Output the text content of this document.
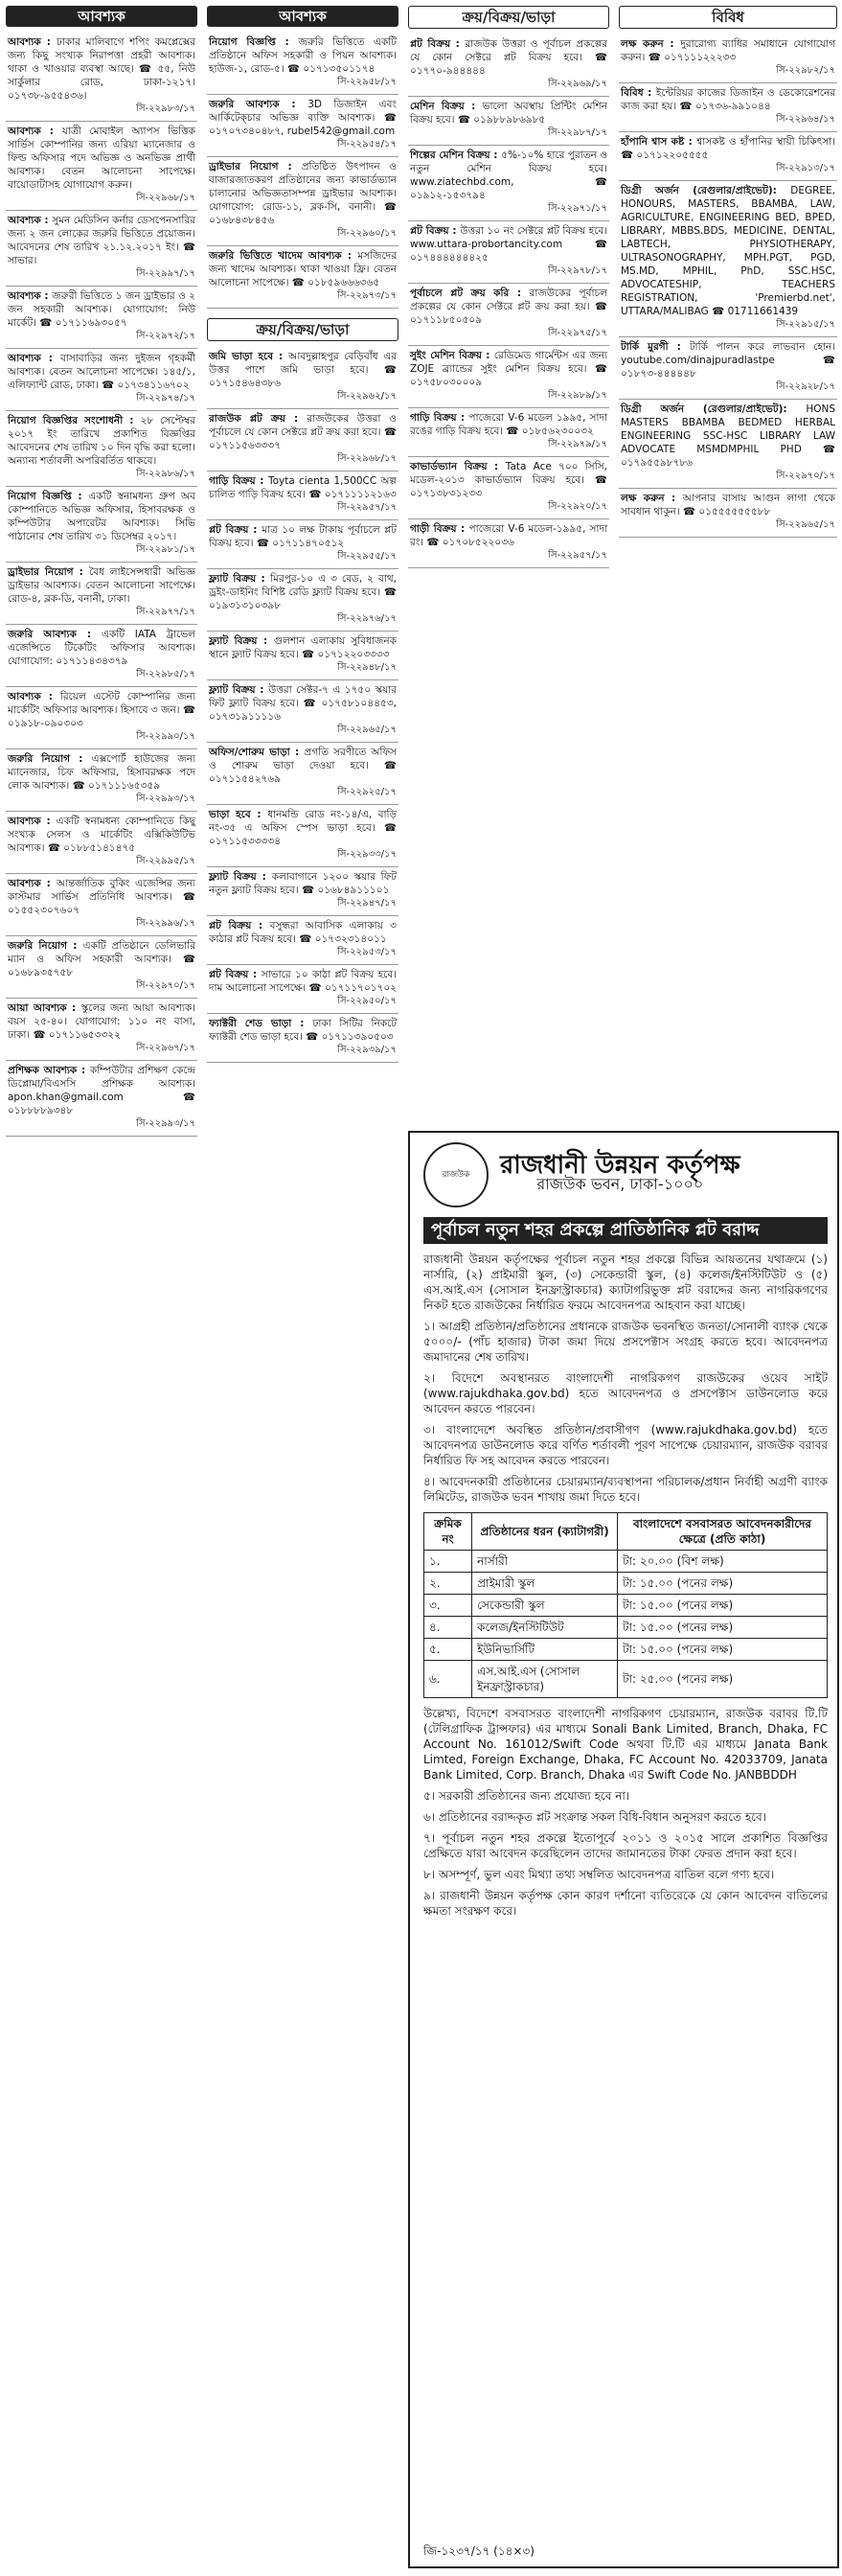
আবশ্যক
আবশ্যক : ঢাকার মালিবাগে শপিং কমপ্লেক্সের জন্য কিছু সংখ্যক নিরাপত্তা প্রহরী আবশ্যক। থাকা ও খাওয়ার ব্যবস্থা আছে। ☎ ৫৫, নিউ সার্কুলার রোড, ঢাকা-১২১৭। ০১৭৩৮-৯৫৫৪৩৬।
সি-২২৯৮৩/১৭
আবশ্যক : যাত্রী মোবাইল অ্যাপস ভিত্তিক সার্ভিস কোম্পানির জন্য এরিয়া ম্যানেজার ও ফিল্ড অফিসার পদে অভিজ্ঞ ও অনভিজ্ঞ প্রার্থী আবশ্যক। বেতন আলোচনা সাপেক্ষে। বায়োডাটাসহ যোগাযোগ করুন।
সি-২২৯৬৮/১৭
আবশ্যক : সুমন মেডিসিন কর্নার ডেসপেনসারির জন্য ২ জন লোকের জরুরি ভিত্তিতে প্রয়োজন। আবেদনের শেষ তারিখ ২১.১২.২০১৭ ইং। ☎ সাভার।
সি-২২৯৯৭/১৭
আবশ্যক : জরুরী ভিত্তিতে ১ জন ড্রাইভার ও ২ জন সহকারী আবশ্যক। যোগাযোগ: নিউ মার্কেট। ☎ ০১৭১১৬৯৩০৫৭
সি-২২৯৭২/১৭
আবশ্যক : বাসাবাড়ির জন্য দুইজন গৃহকর্মী আবশ্যক। বেতন আলোচনা সাপেক্ষে। ১৪৫/১, এলিফ্যান্ট রোড, ঢাকা। ☎ ০১৭৩৪১১৬৭০২
সি-২২৯৭৪/১৭
নিয়োগ বিজ্ঞপ্তির সংশোধনী : ২৮ সেপ্টেম্বর ২০১৭ ইং তারিখে প্রকাশিত বিজ্ঞপ্তির আবেদনের শেষ তারিখ ১০ দিন বৃদ্ধি করা হলো। অন্যান্য শর্তাবলী অপরিবর্তিত থাকবে।
সি-২২৯৮৬/১৭
নিয়োগ বিজ্ঞপ্তি : একটি স্বনামধন্য গ্রুপ অব কোম্পানিতে অভিজ্ঞ অফিসার, হিসাবরক্ষক ও কম্পিউটার অপারেটর আবশ্যক। সিভি পাঠানোর শেষ তারিখ ৩১ ডিসেম্বর ২০১৭।
সি-২২৯৮১/১৭
ড্রাইভার নিয়োগ : বৈধ লাইসেন্সধারী অভিজ্ঞ ড্রাইভার আবশ্যক। বেতন আলোচনা সাপেক্ষে। রোড-৪, ব্লক-ডি, বনানী, ঢাকা।
সি-২২৯৭৭/১৭
জরুরি আবশ্যক : একটি IATA ট্রাভেল এজেন্সিতে টিকেটিং অফিসার আবশ্যক। যোগাযোগ: ০১৭১১৪৩৪৩৭৯
সি-২২৯৮৫/১৭
আবশ্যক : রিয়েল এস্টেট কোম্পানির জন্য মার্কেটিং অফিসার আবশ্যক। হিসাবে ৩ জন। ☎ ০১৯১৮-০৯০৩০৩
সি-২২৯৯০/১৭
জরুরি নিয়োগ : এক্সপোর্ট হাউজের জন্য ম্যানেজার, চিফ অফিসার, হিসাবরক্ষক পদে লোক আবশ্যক। ☎ ০১৭১১১৬৫৩৫৯
সি-২২৯৯৩/১৭
আবশ্যক : একটি স্বনামধন্য কোম্পানিতে কিছু সংখ্যক সেলস ও মার্কেটিং এক্সিকিউটিভ আবশ্যক। ☎ ০১৮৮৫১৪১৪৭৫
সি-২২৯৯৫/১৭
আবশ্যক : আন্তর্জাতিক বুকিং এজেন্সির জন্য কাস্টমার সার্ভিস প্রতিনিধি আবশ্যক। ☎ ০১৫৫২৩০৭৬০৭
সি-২২৯৯৬/১৭
জরুরি নিয়োগ : একটি প্রতিষ্ঠানে ডেলিভারি ম্যান ও অফিস সহকারী আবশ্যক। ☎ ০১৬৮৯৩৫৭৫৮
সি-২২৯৭০/১৭
আয়া আবশ্যক : স্কুলের জন্য আয়া আবশ্যক। বয়স ২৫-৪০। যোগাযোগ: ১১০ নং বাসা, ঢাকা। ☎ ০১৭১১৬৫৩৩২২
সি-২২৯৬৭/১৭
প্রশিক্ষক আবশ্যক : কম্পিউটার প্রশিক্ষণ কেন্দ্রে ডিপ্লোমা/বিএসসি প্রশিক্ষক আবশ্যক। apon.khan@gmail.com ☎ ০১৮৮৮৮৯৩৪৮
সি-২২৯৯৩/১৭
আবশ্যক
নিয়োগ বিজ্ঞপ্তি : জরুরি ভিত্তিতে একটি প্রতিষ্ঠানে অফিস সহকারী ও পিয়ন আবশ্যক। হাউজ-১, রোড-৫। ☎ ০১৭১৩৫০১১৭৪
সি-২২৯৫৮/১৭
জরুরি আবশ্যক : 3D ডিজাইন এবং আর্কিটেক্চার অভিজ্ঞ ব্যক্তি আবশ্যক। ☎ ০১৭০৭৩৪০৪৮৭, rubel542@gmail.com
সি-২২৯৫৪/১৭
ড্রাইভার নিয়োগ : প্রতিষ্ঠিত উৎপাদন ও বাজারজাতকরণ প্রতিষ্ঠানের জন্য কাভার্ডভ্যান চালানোর অভিজ্ঞতাসম্পন্ন ড্রাইভার আবশ্যক। যোগাযোগ: রোড-১১, ব্লক-সি, বনানী। ☎ ০১৬৮৪৩৮৪৫৬
সি-২২৯৬০/১৭
জরুরি ভিত্তিতে খাদেম আবশ্যক : মসজিদের জন্য খাদেম আবশ্যক। থাকা খাওয়া ফ্রি। বেতন আলোচনা সাপেক্ষে। ☎ ০১৮৫৯৬৬৬৩৬৫
সি-২২৯৭৩/১৭
ক্রয়/বিক্রয়/ভাড়া
জমি ভাড়া হবে : আবদুল্লাহপুর বেড়িবাঁধ এর উত্তর পাশে জমি ভাড়া হবে। ☎ ০১৭১৫৪৬৪৩৮৬
সি-২২৯৬২/১৭
রাজউক প্লট ক্রয় : রাজউকের উত্তরা ও পূর্বাচলে যে কোন সেক্টরে প্লট ক্রয় করা হবে। ☎ ০১৭১১৫৬৩৩৩৭
সি-২২৯৬৮/১৭
গাড়ি বিক্রয় : Toyta cienta 1,500CC অল্প চালিত গাড়ি বিক্রয় হবে। ☎ ০১৭১১১১২১৬৩
সি-২২৯৫৭/১৭
প্লট বিক্রয় : মাত্র ১০ লক্ষ টাকায় পূর্বাচলে প্লট বিক্রয় হবে। ☎ ০১৭১১৪৭০৫১২
সি-২২৯৫৫/১৭
ফ্ল্যাট বিক্রয় : মিরপুর-১০ এ ৩ বেড, ২ বাথ, ড্রইং-ডাইনিং বিশিষ্ট রেডি ফ্ল্যাট বিক্রয় হবে। ☎ ০১৯৩১৩১০৩৯৮
সি-২২৯৭৬/১৭
ফ্ল্যাট বিক্রয় : গুলশান এলাকায় সুবিধাজনক স্থানে ফ্ল্যাট বিক্রয় হবে। ☎ ০১৭১২২০৩৩৩৩
সি-২২৯৪৮/১৭
ফ্ল্যাট বিক্রয় : উত্তরা সেক্টর-৭ এ ১৭৫০ স্কয়ার ফিট ফ্ল্যাট বিক্রয় হবে। ☎ ০১৭৫৮১০৪৪৫৩, ০১৭৩১৯১১১১৬
সি-২২৯৬৫/১৭
অফিস/শোরুম ভাড়া : প্রগতি সরণীতে অফিস ও শোরুম ভাড়া দেওয়া হবে। ☎ ০১৭১১৫৪২৭৬৯
সি-২২৯২৫/১৭
ভাড়া হবে : ধানমন্ডি রোড নং-১৪/এ, বাড়ি নং-৩৫ এ অফিস স্পেস ভাড়া হবে। ☎ ০১৭১১৫৩৩৩৩৪
সি-২২৯৩৩/১৭
ফ্ল্যাট বিক্রয় : কলাবাগানে ১২০০ স্কয়ার ফিট নতুন ফ্ল্যাট বিক্রয় হবে। ☎ ০১৬৮৪৯১১১০১
সি-২২৯৪৭/১৭
প্লট বিক্রয় : বসুন্ধরা আবাসিক এলাকায় ৩ কাঠার প্লট বিক্রয় হবে। ☎ ০১৭৩২৩১৪০১১
সি-২২৯৫৩/১৭
প্লট বিক্রয় : সাভারে ১০ কাঠা প্লট বিক্রয় হবে। দাম আলোচনা সাপেক্ষে। ☎ ০১৭১১৭০১৭০২
সি-২২৯৫০/১৭
ফ্যাক্টরী শেড ভাড়া : ঢাকা সিটির নিকটে ফ্যাক্টরী শেড ভাড়া হবে। ☎ ০১৭১১৩৯০৫০৩
সি-২২৯৩৯/১৭
ক্রয়/বিক্রয়/ভাড়া
প্লট বিক্রয় : রাজউক উত্তরা ও পূর্বাচল প্রকল্পের যে কোন সেক্টরে প্লট বিক্রয় হবে। ☎ ০১৭৭০-৯৪৪৪৪৪
সি-২২৯৬৯/১৭
মেশিন বিক্রয় : ভালো অবস্থায় প্রিন্টিং মেশিন বিক্রয় হবে। ☎ ০১৯৮৮৯৮৬৯৮৫
সি-২২৯৮৭/১৭
শিল্পের মেশিন বিক্রয় : ৫%-১০% হারে পুরাতন ও নতুন মেশিন বিক্রয় হবে। www.ziatechbd.com, ☎ ০১৯১২-১৫৩৭৯৪
সি-২২৯৭১/১৭
প্লট বিক্রয় : উত্তরা ১০ নং সেক্টরে প্লট বিক্রয় হবে। www.uttara-probortancity.com ☎ ০১৭৪৪৪৪৪৪৪২৫
সি-২২৯৭৮/১৭
পূর্বাচলে প্লট ক্রয় করি : রাজউকের পূর্বাচল প্রকল্পের যে কোন সেক্টরে প্লট ক্রয় করা হয়। ☎ ০১৭১১৮৫০৫০৯
সি-২২৯৭৫/১৭
সুইং মেশিন বিক্রয় : রেডিমেড গার্মেন্টস এর জন্য ZOJE ব্র্যান্ডের সুইং মেশিন বিক্রয় হবে। ☎ ০১৭৫৮০৩০০০৯
সি-২২৯৮৯/১৭
গাড়ি বিক্রয় : পাজেরো V-6 মডেল ১৯৯৫, সাদা রঙের গাড়ি বিক্রয় হবে। ☎ ০১৮৫৬২৩০০৩২
সি-২২৯৭৯/১৭
কাভার্ডভ্যান বিক্রয় : Tata Ace ৭০০ সিসি, মডেল-২০১৩ কাভার্ডভ্যান বিক্রয় হবে। ☎ ০১৭১৩৮৩১২৩৩
সি-২২৯২০/১৭
গাড়ী বিক্রয় : পাজেরো V-6 মডেল-১৯৯৫, সাদা রং। ☎ ০১৭০৮৫২২০৩৬
সি-২২৯৫৭/১৭
বিবিধ
লক্ষ করুন : দুরারোগ্য ব্যাধির সমাধানে যোগাযোগ করুন। ☎ ০১৭১১১২২২৩৩
সি-২২৯৮২/১৭
বিবিধ : ইন্টেরিয়র কাজের ডিজাইন ও ডেকোরেশনের কাজ করা হয়। ☎ ০১৭৩৬-৯৯১০৪৪
সি-২২৯৬৪/১৭
হাঁপানি শ্বাস কষ্ট : শ্বাসকষ্ট ও হাঁপানির স্থায়ী চিকিৎসা। ☎ ০১৭১২২০৫৫৫৫
সি-২২৯১৩/১৭
ডিগ্রী অর্জন (রেগুলার/প্রাইভেট): DEGREE, HONOURS, MASTERS, BBAMBA, LAW, AGRICULTURE, ENGINEERING BED, BPED, LIBRARY, MBBS.BDS, MEDICINE, DENTAL, LABTECH, PHYSIOTHERAPY, ULTRASONOGRAPHY, MPH.PGT, PGD, MS.MD, MPHIL, PhD, SSC.HSC, ADVOCATESHIP, TEACHERS REGISTRATION, 'Premierbd.net', UTTARA/MALIBAG ☎ 01711661439
সি-২২৯১৫/১৭
টার্কি মুরগী : টার্কি পালন করে লাভবান হোন। youtube.com/dinajpuradlastpe ☎ ০১৮৭৩-৪৪৪৪৪৮
সি-২২৯২৮/১৭
ডিগ্রী অর্জন (রেগুলার/প্রাইভেট): HONS MASTERS BBAMBA BEDMED HERBAL ENGINEERING SSC-HSC LIBRARY LAW ADVOCATE MSMDMPHIL PHD ☎ ০১৭৯৫৫৯৮৭৮৬
সি-২২৯৭০/১৭
লক্ষ করুন : আপনার বাসায় আগুন লাগা থেকে সাবধান থাকুন। ☎ ০১৫৫৫৫৫৫৫৮৮
সি-২২৯৬৫/১৭
রাজউক	রাজধানী উন্নয়ন কর্তৃপক্ষ
রাজউক ভবন, ঢাকা-১০০০
পূর্বাচল নতুন শহর প্রকল্পে প্রাতিষ্ঠানিক প্লট বরাদ্দ
রাজধানী উন্নয়ন কর্তৃপক্ষের পূর্বাচল নতুন শহর প্রকল্পে বিভিন্ন আয়তনের যথাক্রমে (১) নার্সারি, (২) প্রাইমারী স্কুল, (৩) সেকেন্ডারী স্কুল, (৪) কলেজ/ইনস্টিটিউট ও (৫) এস.আই.এস (সোসাল ইনফ্রাস্ট্রাকচার) ক্যাটাগরিভুক্ত প্লট বরাদ্দের জন্য নাগরিকগণের নিকট হতে রাজউকের নির্ধারিত ফরমে আবেদনপত্র আহবান করা যাচ্ছে।
১। আগ্রহী প্রতিষ্ঠান/প্রতিষ্ঠানের প্রধানকে রাজউক ভবনস্থিত জনতা/সোনালী ব্যাংক থেকে ৫০০০/- (পাঁচ হাজার) টাকা জমা দিয়ে প্রসপেক্টাস সংগ্রহ করতে হবে। আবেদনপত্র জমাদানের শেষ তারিখ।
২। বিদেশে অবস্থানরত বাংলাদেশী নাগরিকগণ রাজউকের ওয়েব সাইট (www.rajukdhaka.gov.bd) হতে আবেদনপত্র ও প্রসপেক্টাস ডাউনলোড করে আবেদন করতে পারবেন।
৩। বাংলাদেশে অবস্থিত প্রতিষ্ঠান/প্রবাসীগণ (www.rajukdhaka.gov.bd) হতে আবেদনপত্র ডাউনলোড করে বর্ণিত শর্তাবলী পূরণ সাপেক্ষে চেয়ারম্যান, রাজউক বরাবর নির্ধারিত ফি সহ আবেদন করতে পারবেন।
৪। আবেদনকারী প্রতিষ্ঠানের চেয়ারম্যান/ব্যবস্থাপনা পরিচালক/প্রধান নির্বাহী অগ্রণী ব্যাংক লিমিটেড, রাজউক ভবন শাখায় জমা দিতে হবে।
ক্রমিক নং	প্রতিষ্ঠানের ধরন (ক্যাটাগরী)	বাংলাদেশে বসবাসরত আবেদনকারীদের ক্ষেত্রে (প্রতি কাঠা)
১.	নার্সারী	টা: ২০.০০ (বিশ লক্ষ)
২.	প্রাইমারী স্কুল	টা: ১৫.০০ (পনের লক্ষ)
৩.	সেকেন্ডারী স্কুল	টা: ১৫.০০ (পনের লক্ষ)
৪.	কলেজ/ইনস্টিটিউট	টা: ১৫.০০ (পনের লক্ষ)
৫.	ইউনিভার্সিটি	টা: ১৫.০০ (পনের লক্ষ)
৬.	এস.আই.এস (সোসাল ইনফ্রাস্ট্রাকচার)	টা: ২৫.০০ (পনের লক্ষ)
উল্লেখ্য, বিদেশে বসবাসরত বাংলাদেশী নাগরিকগণ চেয়ারম্যান, রাজউক বরাবর টি.টি (টেলিগ্রাফিক ট্রান্সফার) এর মাধ্যমে Sonali Bank Limited, Branch, Dhaka, FC Account No. 161012/Swift Code অথবা টি.টি এর মাধ্যমে Janata Bank Limted, Foreign Exchange, Dhaka, FC Account No. 42033709, Janata Bank Limited, Corp. Branch, Dhaka এর Swift Code No. JANBBDDH
৫। সরকারী প্রতিষ্ঠানের জন্য প্রযোজ্য হবে না।
৬। প্রতিষ্ঠানের বরাদ্দকৃত প্লট সংক্রান্ত সকল বিধি-বিধান অনুসরণ করতে হবে।
৭। পূর্বাচল নতুন শহর প্রকল্পে ইতোপূর্বে ২০১১ ও ২০১৫ সালে প্রকাশিত বিজ্ঞপ্তির প্রেক্ষিতে যারা আবেদন করেছিলেন তাদের জামানতের টাকা ফেরত প্রদান করা হবে।
৮। অসম্পূর্ণ, ভুল এবং মিথ্যা তথ্য সম্বলিত আবেদনপত্র বাতিল বলে গণ্য হবে।
৯। রাজধানী উন্নয়ন কর্তৃপক্ষ কোন কারণ দর্শানো ব্যতিরেকে যে কোন আবেদন বাতিলের ক্ষমতা সংরক্ষণ করে।
জি-১২৩৭/১৭ (১৪×৩)
